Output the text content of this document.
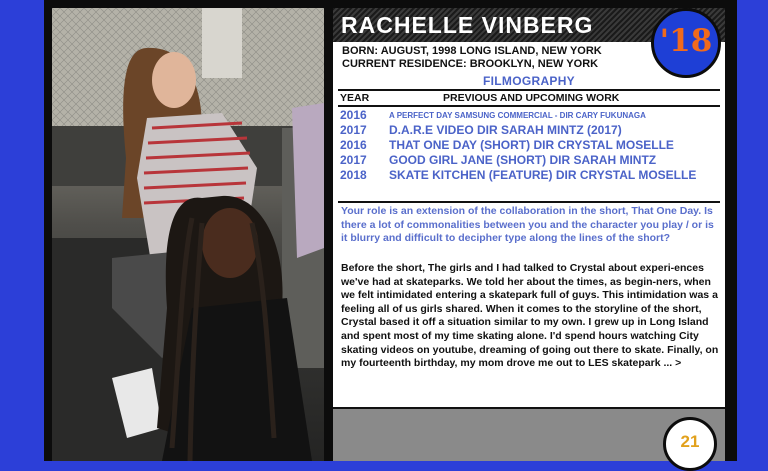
RACHELLE VINBERG
BORN: AUGUST, 1998 LONG ISLAND, NEW YORK
CURRENT RESIDENCE: BROOKLYN, NEW YORK
FILMOGRAPHY
YEAR	PREVIOUS AND UPCOMING WORK
2016	A PERFECT DAY SAMSUNG COMMERCIAL - DIR CARY FUKUNAGA
2017 D.A.R.E VIDEO DIR SARAH MINTZ (2017)
2016 THAT ONE DAY (SHORT) DIR CRYSTAL MOSELLE
2017 GOOD GIRL JANE (SHORT) DIR SARAH MINTZ
2018 SKATE KITCHEN (FEATURE) DIR CRYSTAL MOSELLE
Your role is an extension of the collaboration in the short, That One Day. Is there a lot of commonalities between you and the character you play / or is it blurry and difficult to decipher type along the lines of the short?
Before the short, The girls and I had talked to Crystal about experi-ences we've had at skateparks. We told her about the times, as begin-ners, when we felt intimidated entering a skatepark full of guys. This intimidation was a feeling all of us girls shared. When it comes to the storyline of the short, Crystal based it off a situation similar to my own. I grew up in Long Island and spent most of my time skating alone. I'd spend hours watching City skating videos on youtube, dreaming of going out there to skate. Finally, on my fourteenth birthday, my mom drove me out to LES skatepark ... >
'18
21
